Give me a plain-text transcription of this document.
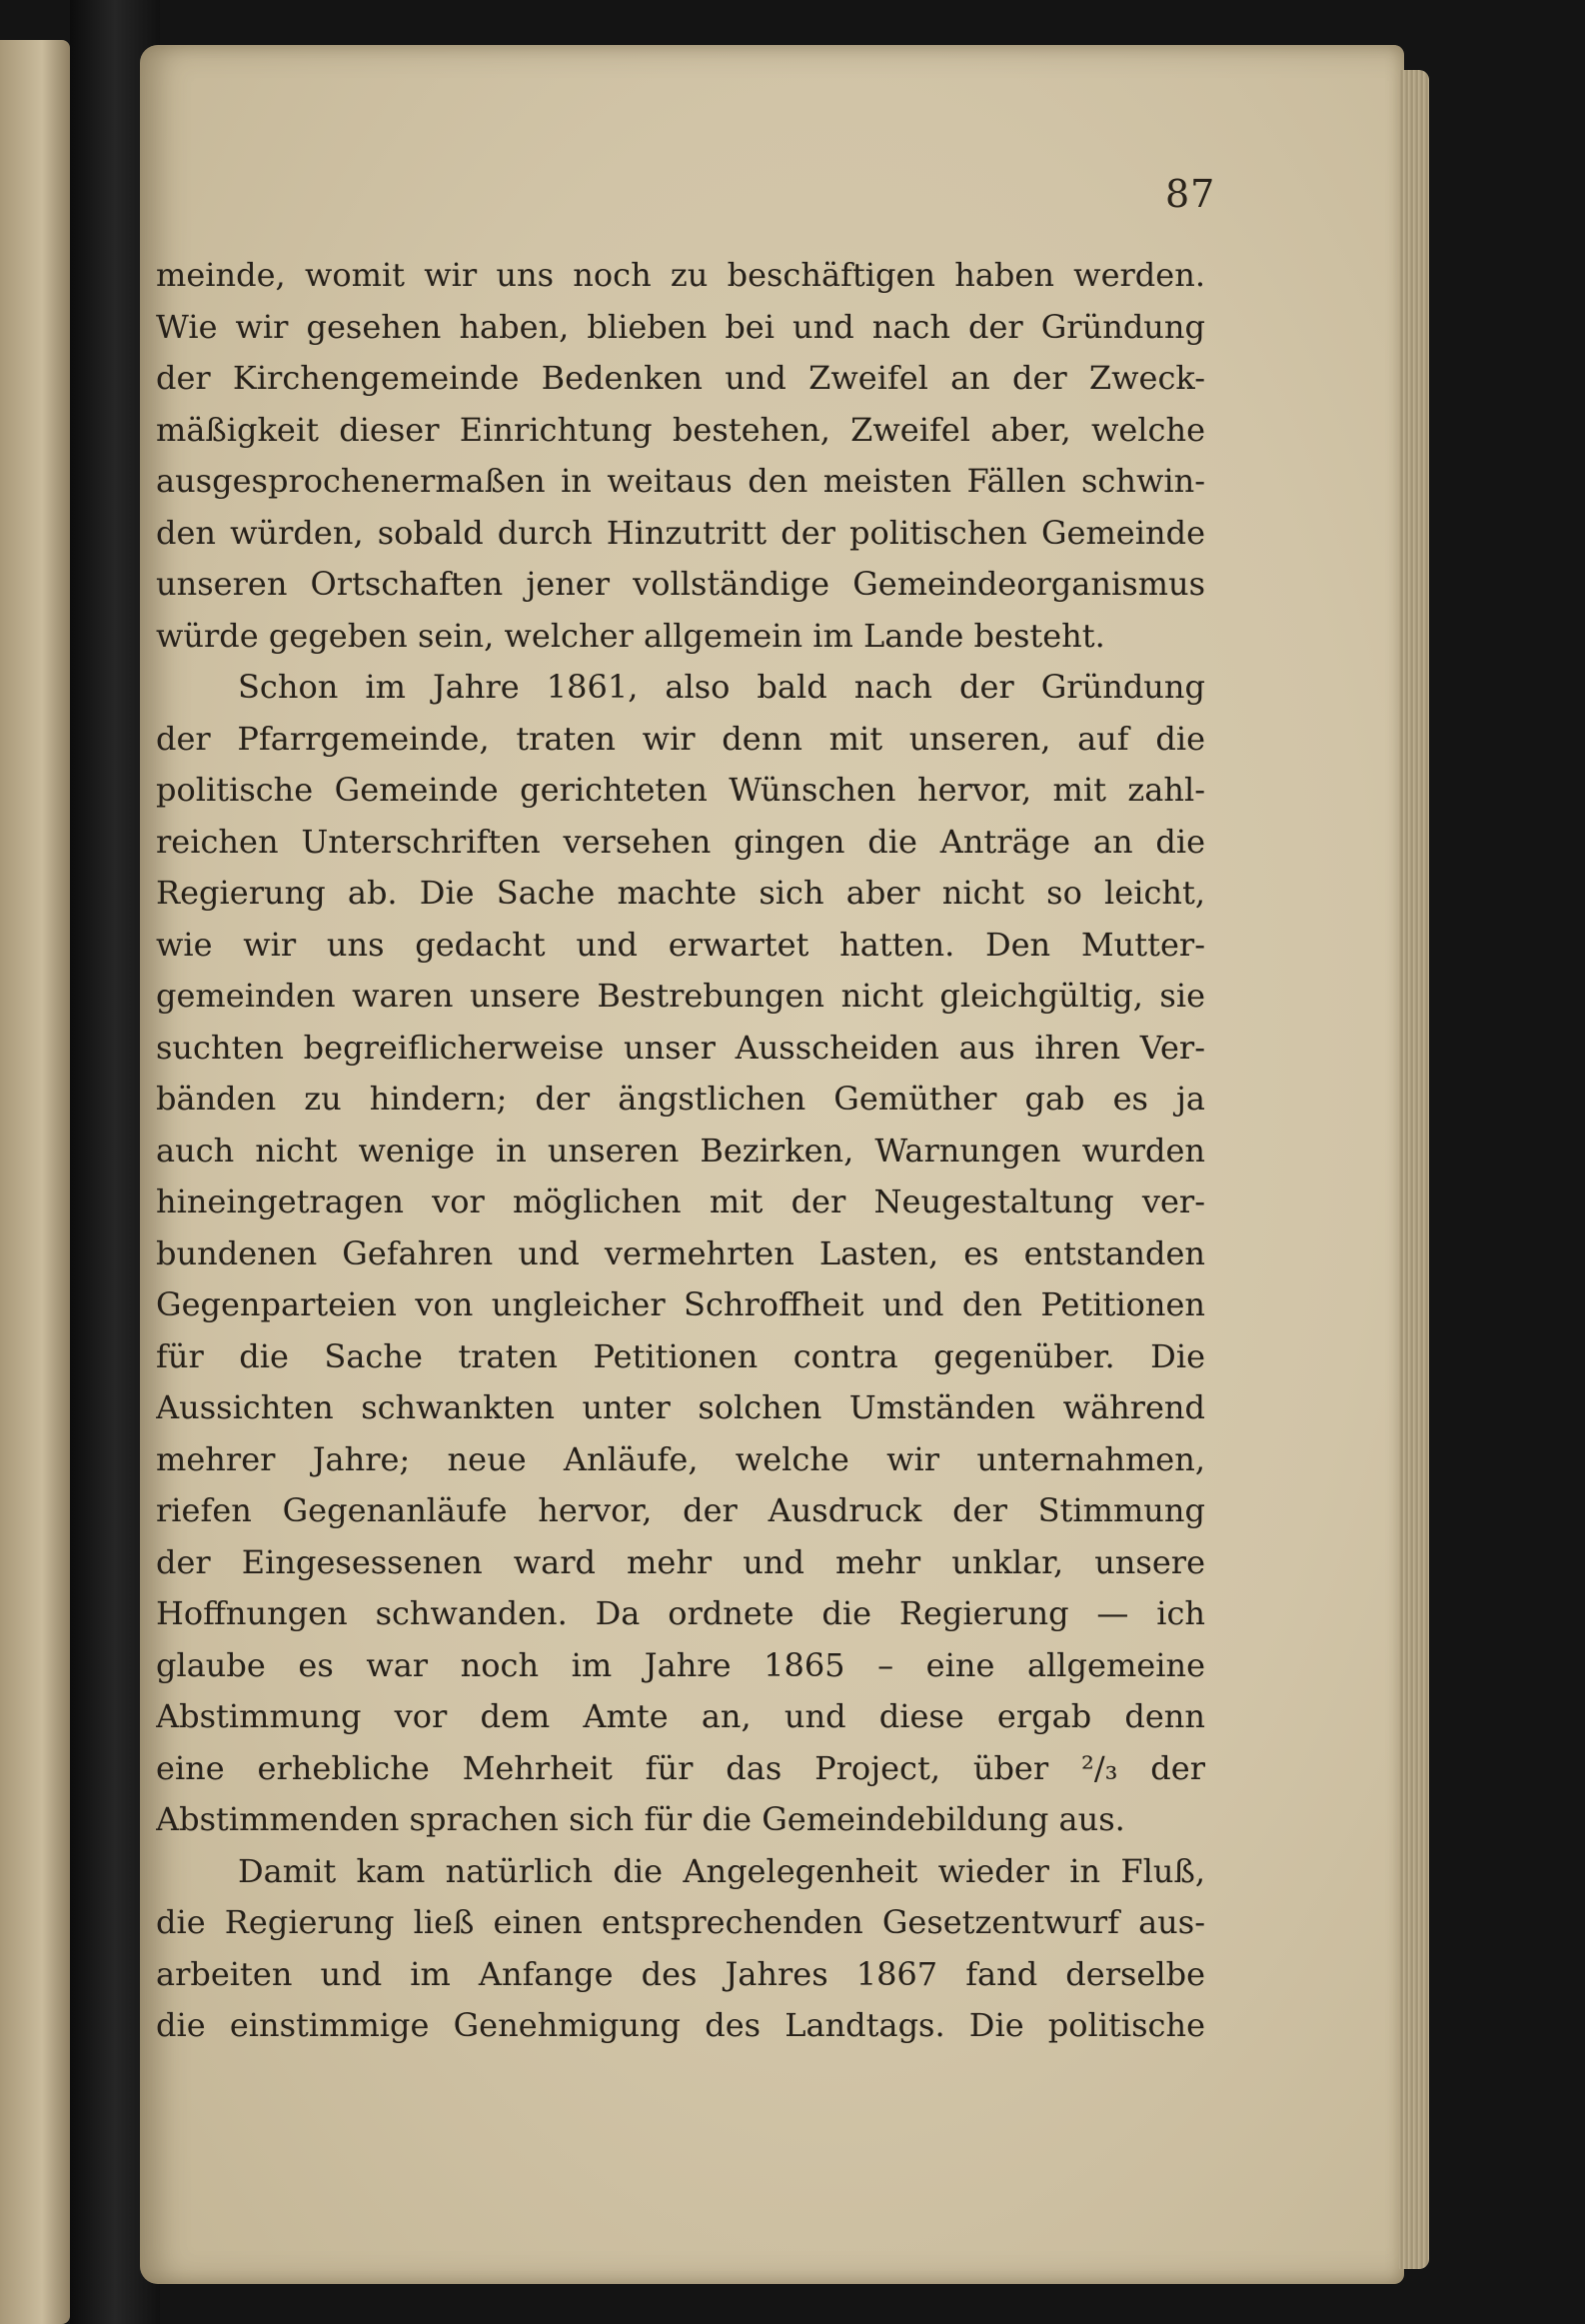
87
meinde, womit wir uns noch zu beschäftigen haben werden.
Wie wir gesehen haben, blieben bei und nach der Gründung
der Kirchengemeinde Bedenken und Zweifel an der Zweck-
mäßigkeit dieser Einrichtung bestehen, Zweifel aber, welche
ausgesprochenermaßen in weitaus den meisten Fällen schwin-
den würden, sobald durch Hinzutritt der politischen Gemeinde
unseren Ortschaften jener vollständige Gemeindeorganismus
würde gegeben sein, welcher allgemein im Lande besteht.
Schon im Jahre 1861, also bald nach der Gründung
der Pfarrgemeinde, traten wir denn mit unseren, auf die
politische Gemeinde gerichteten Wünschen hervor, mit zahl-
reichen Unterschriften versehen gingen die Anträge an die
Regierung ab. Die Sache machte sich aber nicht so leicht,
wie wir uns gedacht und erwartet hatten. Den Mutter-
gemeinden waren unsere Bestrebungen nicht gleichgültig, sie
suchten begreiflicherweise unser Ausscheiden aus ihren Ver-
bänden zu hindern; der ängstlichen Gemüther gab es ja
auch nicht wenige in unseren Bezirken, Warnungen wurden
hineingetragen vor möglichen mit der Neugestaltung ver-
bundenen Gefahren und vermehrten Lasten, es entstanden
Gegenparteien von ungleicher Schroffheit und den Petitionen
für die Sache traten Petitionen contra gegenüber. Die
Aussichten schwankten unter solchen Umständen während
mehrer Jahre; neue Anläufe, welche wir unternahmen,
riefen Gegenanläufe hervor, der Ausdruck der Stimmung
der Eingesessenen ward mehr und mehr unklar, unsere
Hoffnungen schwanden. Da ordnete die Regierung — ich
glaube es war noch im Jahre 1865 – eine allgemeine
Abstimmung vor dem Amte an, und diese ergab denn
eine erhebliche Mehrheit für das Project, über ²/₃ der
Abstimmenden sprachen sich für die Gemeindebildung aus.
Damit kam natürlich die Angelegenheit wieder in Fluß,
die Regierung ließ einen entsprechenden Gesetzentwurf aus-
arbeiten und im Anfange des Jahres 1867 fand derselbe
die einstimmige Genehmigung des Landtags. Die politische
